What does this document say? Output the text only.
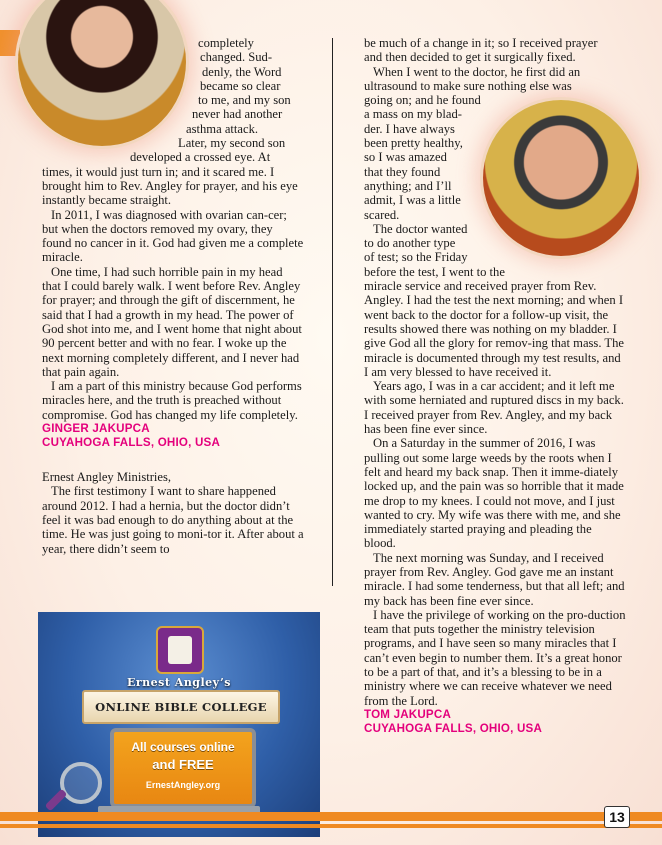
completely
changed. Sud-
denly, the Word
became so clear
to me, and my son
never had another
asthma attack.
Later, my second son
developed a crossed eye. At

times, it would just turn in; and it scared me. I brought him to Rev. Angley for prayer, and his eye instantly became straight.

In 2011, I was diagnosed with ovarian can-cer; but when the doctors removed my ovary, they found no cancer in it. God had given me a complete miracle.

One time, I had such horrible pain in my head that I could barely walk. I went before Rev. Angley for prayer; and through the gift of discernment, he said that I had a growth in my head. The power of God shot into me, and I went home that night about 90 percent better and with no fear. I woke up the next morning completely different, and I never had that pain again.

I am a part of this ministry because God performs miracles here, and the truth is preached without compromise. God has changed my life completely.

GINGER JAKUPCA
CUYAHOGA FALLS, OHIO, USA

Ernest Angley Ministries,

The first testimony I want to share happened around 2012. I had a hernia, but the doctor didn’t feel it was bad enough to do anything about at the time. He was just going to moni-tor it. After about a year, there didn’t seem to

be much of a change in it; so I received prayer
and then decided to get it surgically fixed.
When I went to the doctor, he first did an
ultrasound to make sure nothing else was
going on; and he found
a mass on my blad-
der. I have always
been pretty healthy,
so I was amazed
that they found
anything; and I’ll
admit, I was a little
scared.
The doctor wanted
to do another type
of test; so the Friday
before the test, I went to the

miracle service and received prayer from Rev. Angley. I had the test the next morning; and when I went back to the doctor for a follow-up visit, the results showed there was nothing on my bladder. I give God all the glory for remov-ing that mass. The miracle is documented through my test results, and I am very blessed to have received it.

Years ago, I was in a car accident; and it left me with some herniated and ruptured discs in my back. I received prayer from Rev. Angley, and my back has been fine ever since.

On a Saturday in the summer of 2016, I was pulling out some large weeds by the roots when I felt and heard my back snap. Then it imme-diately locked up, and the pain was so horrible that it made me drop to my knees. I could not move, and I just wanted to cry. My wife was there with me, and she immediately started praying and pleading the blood.

The next morning was Sunday, and I received prayer from Rev. Angley. God gave me an instant miracle. I had some tenderness, but that all left; and my back has been fine ever since.

I have the privilege of working on the pro-duction team that puts together the ministry television programs, and I have seen so many miracles that I can’t even begin to number them. It’s a great honor to be a part of that, and it’s a blessing to be in a ministry where we can receive whatever we need from the Lord.

TOM JAKUPCA
CUYAHOGA FALLS, OHIO, USA
Ernest Angley’s
ONLINE BIBLE COLLEGE
All courses online
and FREE
ErnestAngley.org
13
